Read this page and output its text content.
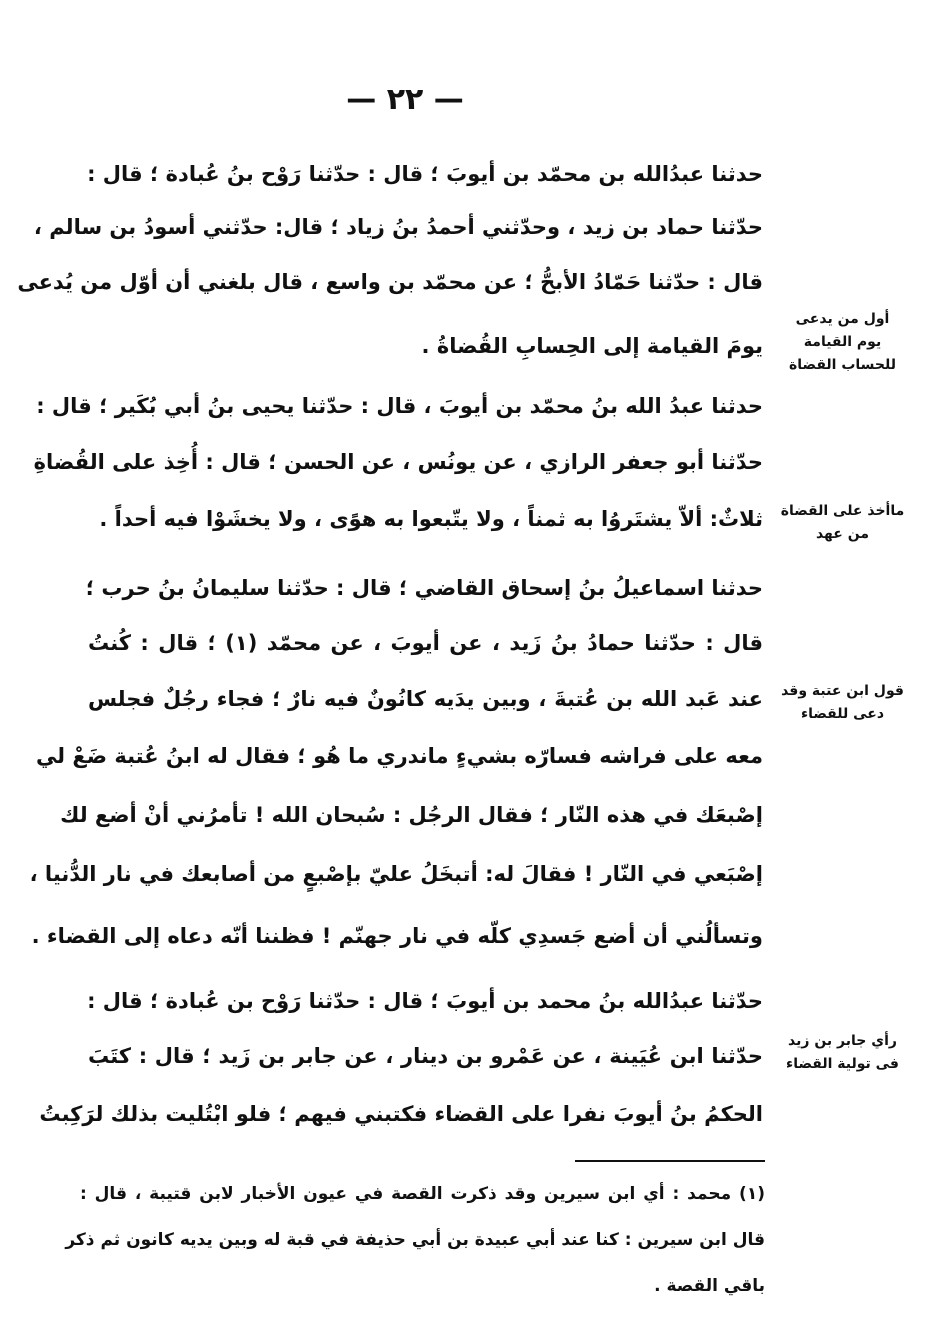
— ٢٢ —
حدثنا عبدُالله بن محمّد بن أيوبَ ؛ قال : حدّثنا رَوْح بنُ عُبادة ؛ قال :
حدّثنا حماد بن زيد ، وحدّثني أحمدُ بنُ زياد ؛ قال: حدّثني أسودُ بن سالم ،
قال : حدّثنا حَمّادُ الأبحُّ ؛ عن محمّد بن واسع ، قال بلغني أن أوّل من يُدعى
يومَ القيامة إلى الحِسابِ القُضاةُ .
حدثنا عبدُ الله بنُ محمّد بن أيوبَ ، قال : حدّثنا يحيى بنُ أبي بُكَير ؛ قال :
حدّثنا أبو جعفر الرازي ، عن يونُس ، عن الحسن ؛ قال : أُخِذ على القُضاةِ
ثلاثٌ: ألاّ يشتَروُا به ثمناً ، ولا يتّبعوا به هوًى ، ولا يخشَوْا فيه أحداً .
حدثنا اسماعيلُ بنُ إسحاق القاضي ؛ قال : حدّثنا سليمانُ بنُ حرب ؛
قال : حدّثنا حمادُ بنُ زَيد ، عن أيوبَ ، عن محمّد (١) ؛ قال : كُنتُ
عند عَبد الله بن عُتبةَ ، وبين يدَيه كانُونٌ فيه نارٌ ؛ فجاء رجُلٌ فجلس
معه على فراشه فسارّه بشيءٍ ماندري ما هُو ؛ فقال له ابنُ عُتبة ضَعْ لي
إصْبعَك في هذه النّار ؛ فقال الرجُل : سُبحان الله ! تأمرُني أنْ أضع لك
إصْبَعي في النّار ! فقالَ له: أتبخَلُ عليّ بإصْبعٍ من أصابعك في نار الدُّنيا ،
وتسألُني أن أضع جَسدِي كلّه في نار جهنّم ! فظننا أنّه دعاه إلى القضاء .
حدّثنا عبدُالله بنُ محمد بن أيوبَ ؛ قال : حدّثنا رَوْح بن عُبادة ؛ قال :
حدّثنا ابن عُيَينة ، عن عَمْرو بن دينار ، عن جابر بن زَيد ؛ قال : كتَبَ
الحكمُ بنُ أيوبَ نفرا على القضاء فكتبني فيهم ؛ فلو ابْتُليت بذلك لرَكِبتُ
أول من يدعى
يوم القيامة
للحساب القضاة
ماأخذ على القضاة
من عهد
قول ابن عتبة وقد
دعى للقضاء
رأي جابر بن زيد
فى تولية القضاء
(١) محمد : أي ابن سيرين وقد ذكرت القصة في عيون الأخبار لابن قتيبة ، قال :
قال ابن سيرين : كنا عند أبي عبيدة بن أبي حذيفة في قبة له وبين يديه كانون ثم ذكر
باقي القصة .
